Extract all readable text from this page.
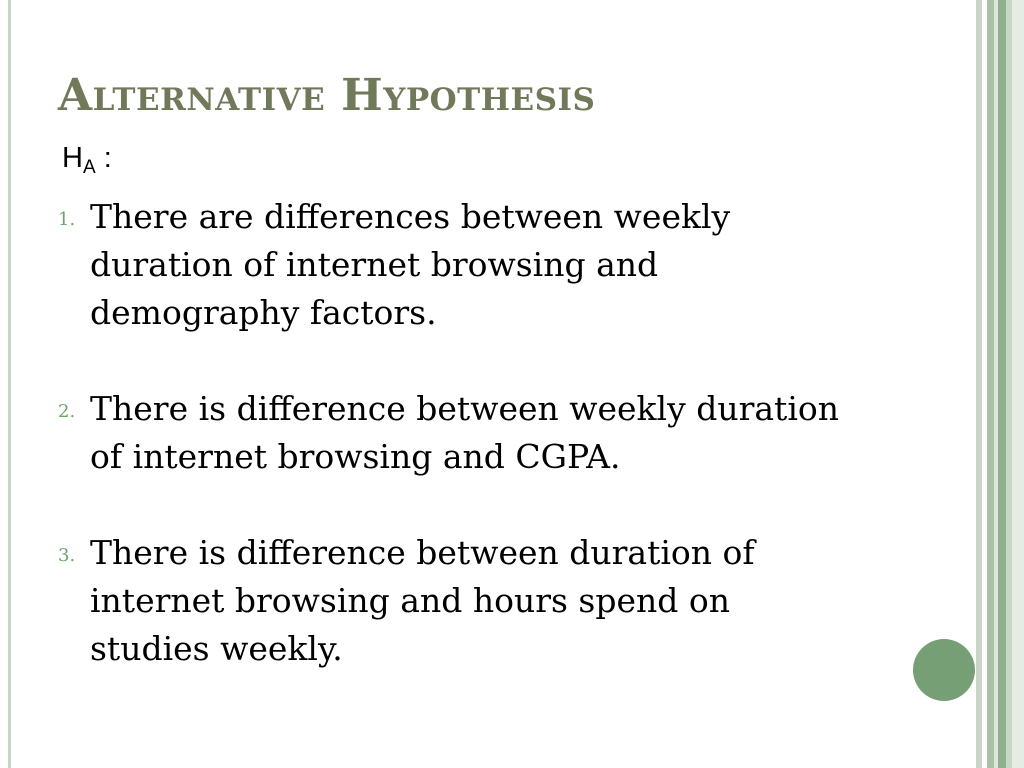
Alternative Hypothesis
$H_A$ :
1. There are differences between weekly duration of internet browsing and demography factors.
2. There is difference between weekly duration of internet browsing and CGPA.
3. There is difference between duration of internet browsing and hours spend on studies weekly.
